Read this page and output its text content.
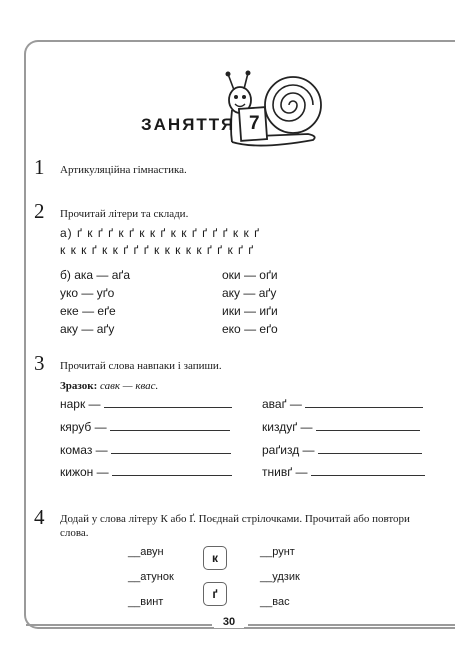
ЗАНЯТТЯ 7
1 Артикуляційна гімнастика.
2 Прочитай літери та склади.
а) ґ к ґ ґ к ґ к к ґ к к ґ ґ ґ ґ к к ґ
к к к ґ к к ґ ґ ґ к к к к к ґ ґ к ґ ґ
б) ака — аґа
уко — уґо
еке — еґе
аку — аґу
оки — оґи
аку — аґу
ики — иґи
еко — еґо
3 Прочитай слова навпаки і запиши.
Зразок: савк — квас.
нарк —
кяруб —
комаз —
кижон —
аваґ —
киздуґ —
раґизд —
тнивґ —
4 Додай у слова літеру К або Ґ. Поєднай стрілочками. Прочитай або повтори
слова.
__авун
__атунок
__винт
к
ґ
__рунт
__удзик
__вас
30
